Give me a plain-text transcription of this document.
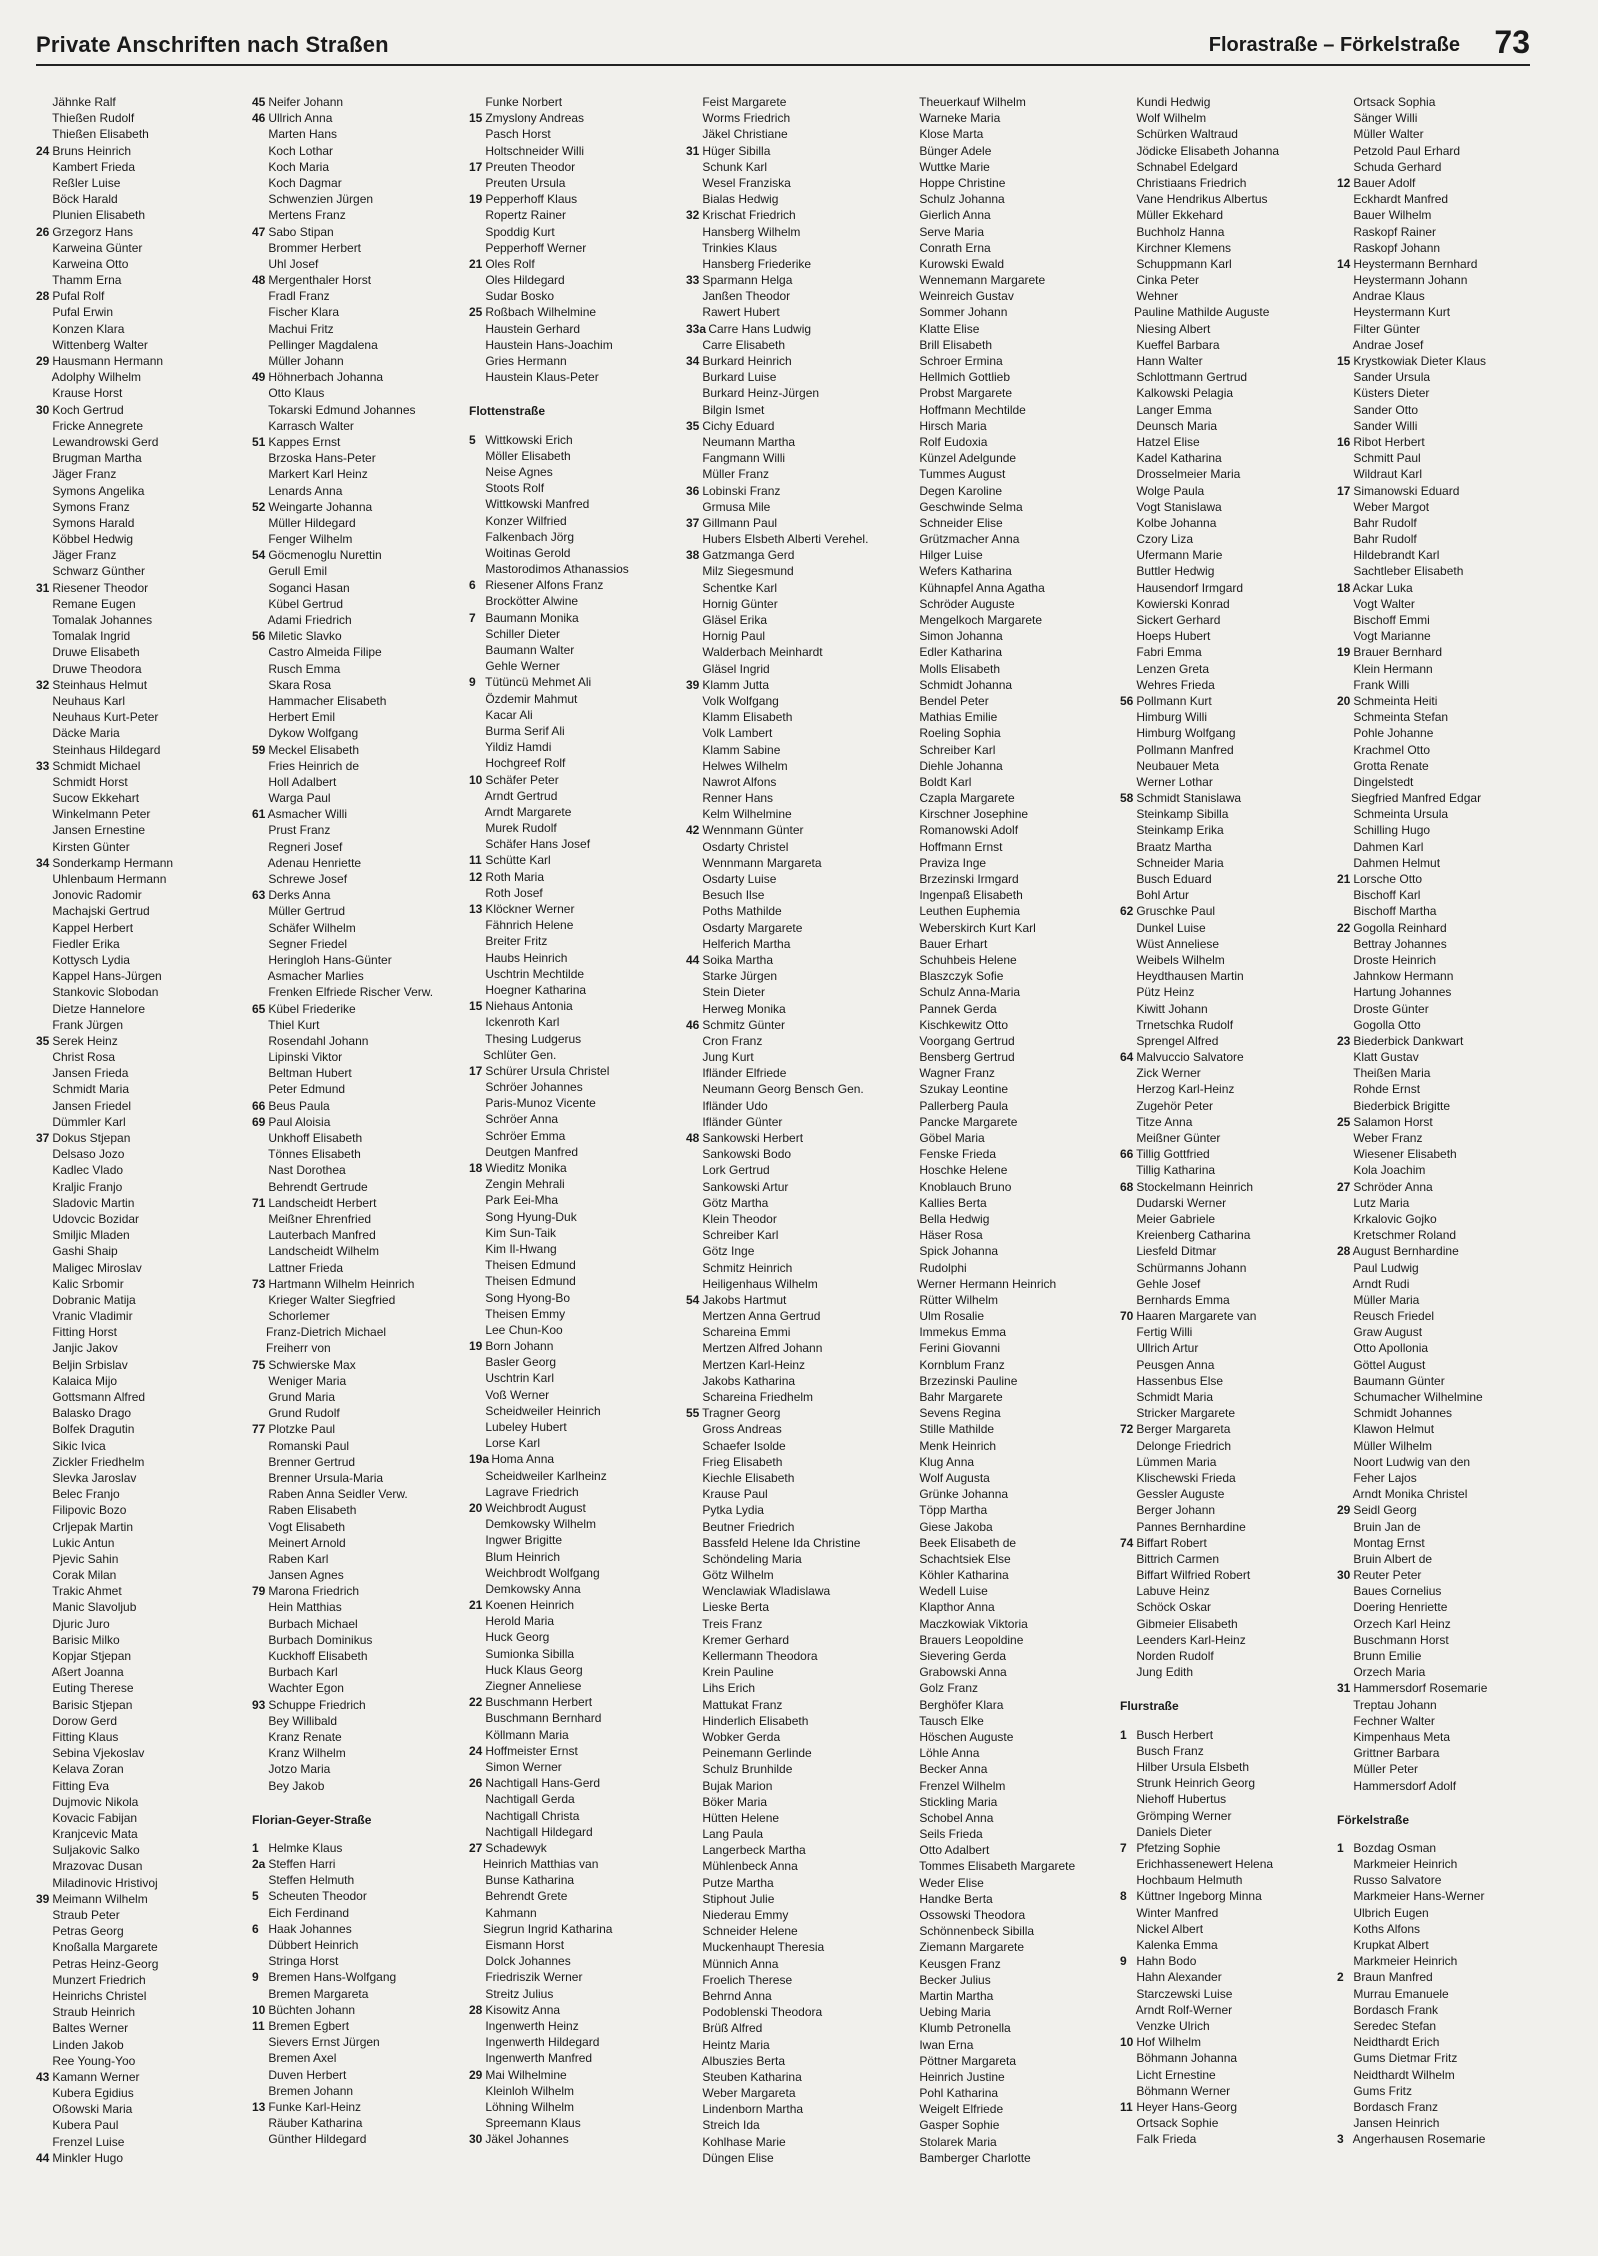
Private Anschriften nach Straßen	Florastraße – Förkelstraße 73
Jähnke Ralf
Thießen Rudolf
Thießen Elisabeth
24 Bruns Heinrich
Kambert Frieda
Reßler Luise
Böck Harald
Plunien Elisabeth
26 Grzegorz Hans
Karweina Günter
Karweina Otto
Thamm Erna
28 Pufal Rolf
Pufal Erwin
Konzen Klara
Wittenberg Walter
29 Hausmann Hermann
Adolphy Wilhelm
Krause Horst
30 Koch Gertrud
Fricke Annegrete
Lewandrowski Gerd
Brugman Martha
Jäger Franz
Symons Angelika
Symons Franz
Symons Harald
Köbbel Hedwig
Jäger Franz
Schwarz Günther
31 Riesener Theodor
Remane Eugen
Tomalak Johannes
Tomalak Ingrid
Druwe Elisabeth
Druwe Theodora
32 Steinhaus Helmut
Neuhaus Karl
Neuhaus Kurt-Peter
Däcke Maria
Steinhaus Hildegard
33 Schmidt Michael
Schmidt Horst
Sucow Ekkehart
Winkelmann Peter
Jansen Ernestine
Kirsten Günter
34 Sonderkamp Hermann
Uhlenbaum Hermann
Jonovic Radomir
Machajski Gertrud
Kappel Herbert
Fiedler Erika
Kottysch Lydia
Kappel Hans-Jürgen
Stankovic Slobodan
Dietze Hannelore
Frank Jürgen
35 Serek Heinz
Christ Rosa
Jansen Frieda
Schmidt Maria
Jansen Friedel
Dümmler Karl
37 Dokus Stjepan
Delsaso Jozo
Kadlec Vlado
Kraljic Franjo
Sladovic Martin
Udovcic Bozidar
Smiljic Mladen
Gashi Shaip
Maligec Miroslav
Kalic Srbomir
Dobranic Matija
Vranic Vladimir
Fitting Horst
Janjic Jakov
Beljin Srbislav
Kalaica Mijo
Gottsmann Alfred
Balasko Drago
Bolfek Dragutin
Sikic Ivica
Zickler Friedhelm
Slevka Jaroslav
Belec Franjo
Filipovic Bozo
Crljepak Martin
Lukic Antun
Pjevic Sahin
Corak Milan
Trakic Ahmet
Manic Slavoljub
Djuric Juro
Barisic Milko
Kopjar Stjepan
Aßert Joanna
Euting Therese
Barisic Stjepan
Dorow Gerd
Fitting Klaus
Sebina Vjekoslav
Kelava Zoran
Fitting Eva
Dujmovic Nikola
Kovacic Fabijan
Kranjcevic Mata
Suljakovic Salko
Mrazovac Dusan
Miladinovic Hristivoj
39 Meimann Wilhelm
Straub Peter
Petras Georg
Knoßalla Margarete
Petras Heinz-Georg
Munzert Friedrich
Heinrichs Christel
Straub Heinrich
Baltes Werner
Linden Jakob
Ree Young-Yoo
43 Kamann Werner
Kubera Egidius
Oßowski Maria
Kubera Paul
Frenzel Luise
44 Minkler Hugo
45 Neifer Johann
46 Ullrich Anna
Marten Hans
Koch Lothar
Koch Maria
Koch Dagmar
Schwenzien Jürgen
Mertens Franz
47 Sabo Stipan
Brommer Herbert
Uhl Josef
48 Mergenthaler Horst
Fradl Franz
Fischer Klara
Machui Fritz
Pellinger Magdalena
Müller Johann
49 Höhnerbach Johanna
Otto Klaus
Tokarski Edmund Johannes
Karrasch Walter
51 Kappes Ernst
Brzoska Hans-Peter
Markert Karl Heinz
Lenards Anna
52 Weingarte Johanna
Müller Hildegard
Fenger Wilhelm
54 Göcmenoglu Nurettin
Gerull Emil
Soganci Hasan
Kübel Gertrud
Adami Friedrich
56 Miletic Slavko
Castro Almeida Filipe
Rusch Emma
Skara Rosa
Hammacher Elisabeth
Herbert Emil
Dykow Wolfgang
59 Meckel Elisabeth
Fries Heinrich de
Holl Adalbert
Warga Paul
61 Asmacher Willi
Prust Franz
Regneri Josef
Adenau Henriette
Schrewe Josef
63 Derks Anna
Müller Gertrud
Schäfer Wilhelm
Segner Friedel
Heringloh Hans-Günter
Asmacher Marlies
Frenken Elfriede Rischer Verw.
65 Kübel Friederike
Thiel Kurt
Rosendahl Johann
Lipinski Viktor
Beltman Hubert
Peter Edmund
66 Beus Paula
69 Paul Aloisia
Unkhoff Elisabeth
Tönnes Elisabeth
Nast Dorothea
Behrendt Gertrude
71 Landscheidt Herbert
Meißner Ehrenfried
Lauterbach Manfred
Landscheidt Wilhelm
Lattner Frieda
73 Hartmann Wilhelm Heinrich
Krieger Walter Siegfried
Schorlemer
Franz-Dietrich Michael
Freiherr von
75 Schwierske Max
Weniger Maria
Grund Maria
Grund Rudolf
77 Plotzke Paul
Romanski Paul
Brenner Gertrud
Brenner Ursula-Maria
Raben Anna Seidler Verw.
Raben Elisabeth
Vogt Elisabeth
Meinert Arnold
Raben Karl
Jansen Agnes
79 Marona Friedrich
Hein Matthias
Burbach Michael
Burbach Dominikus
Kuckhoff Elisabeth
Burbach Karl
Wachter Egon
93 Schuppe Friedrich
Bey Willibald
Kranz Renate
Kranz Wilhelm
Jotzo Maria
Bey Jakob
Florian-Geyer-Straße
1 Helmke Klaus
2a Steffen Harri
Steffen Helmuth
5 Scheuten Theodor
Eich Ferdinand
6 Haak Johannes
Dübbert Heinrich
Stringa Horst
9 Bremen Hans-Wolfgang
Bremen Margareta
10 Büchten Johann
11 Bremen Egbert
Sievers Ernst Jürgen
Bremen Axel
Duven Herbert
Bremen Johann
13 Funke Karl-Heinz
Räuber Katharina
Günther Hildegard
Funke Norbert
15 Zmyslony Andreas
Pasch Horst
Holtschneider Willi
17 Preuten Theodor
Preuten Ursula
19 Pepperhoff Klaus
Ropertz Rainer
Spoddig Kurt
Pepperhoff Werner
21 Oles Rolf
Oles Hildegard
Sudar Bosko
25 Roßbach Wilhelmine
Haustein Gerhard
Haustein Hans-Joachim
Gries Hermann
Haustein Klaus-Peter
Flottenstraße
5 Wittkowski Erich
Möller Elisabeth
Neise Agnes
Stoots Rolf
Wittkowski Manfred
Konzer Wilfried
Falkenbach Jörg
Woitinas Gerold
Mastorodimos Athanassios
6 Riesener Alfons Franz
Brockötter Alwine
7 Baumann Monika
Schiller Dieter
Baumann Walter
Gehle Werner
9 Tütüncü Mehmet Ali
Özdemir Mahmut
Kacar Ali
Burma Serif Ali
Yildiz Hamdi
Hochgreef Rolf
10 Schäfer Peter
Arndt Gertrud
Arndt Margarete
Murek Rudolf
Schäfer Hans Josef
11 Schütte Karl
12 Roth Maria
Roth Josef
13 Klöckner Werner
Fähnrich Helene
Breiter Fritz
Haubs Heinrich
Uschtrin Mechtilde
Hoegner Katharina
15 Niehaus Antonia
Ickenroth Karl
Thesing Ludgerus
Schlüter Gen.
17 Schürer Ursula Christel
Schröer Johannes
Paris-Munoz Vicente
Schröer Anna
Schröer Emma
Deutgen Manfred
18 Wieditz Monika
Zengin Mehrali
Park Eei-Mha
Song Hyung-Duk
Kim Sun-Taik
Kim Il-Hwang
Theisen Edmund
Theisen Edmund
Song Hyong-Bo
Theisen Emmy
Lee Chun-Koo
19 Born Johann
Basler Georg
Uschtrin Karl
Voß Werner
Scheidweiler Heinrich
Lubeley Hubert
Lorse Karl
19a Homa Anna
Scheidweiler Karlheinz
Lagrave Friedrich
20 Weichbrodt August
Demkowsky Wilhelm
Ingwer Brigitte
Blum Heinrich
Weichbrodt Wolfgang
Demkowsky Anna
21 Koenen Heinrich
Herold Maria
Huck Georg
Sumionka Sibilla
Huck Klaus Georg
Ziegner Anneliese
22 Buschmann Herbert
Buschmann Bernhard
Köllmann Maria
24 Hoffmeister Ernst
Simon Werner
26 Nachtigall Hans-Gerd
Nachtigall Gerda
Nachtigall Christa
Nachtigall Hildegard
27 Schadewyk
Heinrich Matthias van
Bunse Katharina
Behrendt Grete
Kahmann
Siegrun Ingrid Katharina
Eismann Horst
Dolck Johannes
Friedriszik Werner
Streitz Julius
28 Kisowitz Anna
Ingenwerth Heinz
Ingenwerth Hildegard
Ingenwerth Manfred
29 Mai Wilhelmine
Kleinloh Wilhelm
Löhning Wilhelm
Spreemann Klaus
30 Jäkel Johannes
Feist Margarete
Worms Friedrich
Jäkel Christiane
31 Hüger Sibilla
Schunk Karl
Wesel Franziska
Bialas Hedwig
32 Krischat Friedrich
Hansberg Wilhelm
Trinkies Klaus
Hansberg Friederike
33 Sparmann Helga
Janßen Theodor
Rawert Hubert
33a Carre Hans Ludwig
Carre Elisabeth
34 Burkard Heinrich
Burkard Luise
Burkard Heinz-Jürgen
Bilgin Ismet
35 Cichy Eduard
Neumann Martha
Fangmann Willi
Müller Franz
36 Lobinski Franz
Grmusa Mile
37 Gillmann Paul
Hubers Elsbeth Alberti Verehel.
38 Gatzmanga Gerd
Milz Siegesmund
Schentke Karl
Hornig Günter
Gläsel Erika
Hornig Paul
Walderbach Meinhardt
Gläsel Ingrid
39 Klamm Jutta
Volk Wolfgang
Klamm Elisabeth
Volk Lambert
Klamm Sabine
Helwes Wilhelm
Nawrot Alfons
Renner Hans
Kelm Wilhelmine
42 Wennmann Günter
Osdarty Christel
Wennmann Margareta
Osdarty Luise
Besuch Ilse
Poths Mathilde
Osdarty Margarete
Helferich Martha
44 Soika Martha
Starke Jürgen
Stein Dieter
Herweg Monika
46 Schmitz Günter
Cron Franz
Jung Kurt
Ifländer Elfriede
Neumann Georg Bensch Gen.
Ifländer Udo
Ifländer Günter
48 Sankowski Herbert
Sankowski Bodo
Lork Gertrud
Sankowski Artur
Götz Martha
Klein Theodor
Schreiber Karl
Götz Inge
Schmitz Heinrich
Heiligenhaus Wilhelm
54 Jakobs Hartmut
Mertzen Anna Gertrud
Schareina Emmi
Mertzen Alfred Johann
Mertzen Karl-Heinz
Jakobs Katharina
Schareina Friedhelm
55 Tragner Georg
Gross Andreas
Schaefer Isolde
Frieg Elisabeth
Kiechle Elisabeth
Krause Paul
Pytka Lydia
Beutner Friedrich
Bassfeld Helene Ida Christine
Schöndeling Maria
Götz Wilhelm
Wenclawiak Wladislawa
Lieske Berta
Treis Franz
Kremer Gerhard
Kellermann Theodora
Krein Pauline
Lihs Erich
Mattukat Franz
Hinderlich Elisabeth
Wobker Gerda
Peinemann Gerlinde
Schulz Brunhilde
Bujak Marion
Böker Maria
Hütten Helene
Lang Paula
Langerbeck Martha
Mühlenbeck Anna
Putze Martha
Stiphout Julie
Niederau Emmy
Schneider Helene
Muckenhaupt Theresia
Münnich Anna
Froelich Therese
Behrnd Anna
Podoblenski Theodora
Brüß Alfred
Heintz Maria
Albuszies Berta
Steuben Katharina
Weber Margareta
Lindenborn Martha
Streich Ida
Kohlhase Marie
Düngen Elise
Theuerkauf Wilhelm
Warneke Maria
Klose Marta
Bünger Adele
Wuttke Marie
Hoppe Christine
Schulz Johanna
Gierlich Anna
Serve Maria
Conrath Erna
Kurowski Ewald
Wennemann Margarete
Weinreich Gustav
Sommer Johann
Klatte Elise
Brill Elisabeth
Schroer Ermina
Hellmich Gottlieb
Probst Margarete
Hoffmann Mechtilde
Hirsch Maria
Rolf Eudoxia
Künzel Adelgunde
Tummes August
Degen Karoline
Geschwinde Selma
Schneider Elise
Grützmacher Anna
Hilger Luise
Wefers Katharina
Kühnapfel Anna Agatha
Schröder Auguste
Mengelkoch Margarete
Simon Johanna
Edler Katharina
Molls Elisabeth
Schmidt Johanna
Bendel Peter
Mathias Emilie
Roeling Sophia
Schreiber Karl
Diehle Johanna
Boldt Karl
Czapla Margarete
Kirschner Josephine
Romanowski Adolf
Hoffmann Ernst
Praviza Inge
Brzezinski Irmgard
Ingenpaß Elisabeth
Leuthen Euphemia
Weberskirch Kurt Karl
Bauer Erhart
Schuhbeis Helene
Blaszczyk Sofie
Schulz Anna-Maria
Pannek Gerda
Kischkewitz Otto
Voorgang Gertrud
Bensberg Gertrud
Wagner Franz
Szukay Leontine
Pallerberg Paula
Pancke Margarete
Göbel Maria
Fenske Frieda
Hoschke Helene
Knoblauch Bruno
Kallies Berta
Bella Hedwig
Häser Rosa
Spick Johanna
Rudolphi
Werner Hermann Heinrich
Rütter Wilhelm
Ulm Rosalie
Immekus Emma
Ferini Giovanni
Kornblum Franz
Brzezinski Pauline
Bahr Margarete
Sevens Regina
Stille Mathilde
Menk Heinrich
Klug Anna
Wolf Augusta
Grünke Johanna
Töpp Martha
Giese Jakoba
Beek Elisabeth de
Schachtsiek Else
Köhler Katharina
Wedell Luise
Klapthor Anna
Maczkowiak Viktoria
Brauers Leopoldine
Sievering Gerda
Grabowski Anna
Golz Franz
Berghöfer Klara
Tausch Elke
Höschen Auguste
Löhle Anna
Becker Anna
Frenzel Wilhelm
Stickling Maria
Schobel Anna
Seils Frieda
Otto Adalbert
Tommes Elisabeth Margarete
Weder Elise
Handke Berta
Ossowski Theodora
Schönnenbeck Sibilla
Ziemann Margarete
Keusgen Franz
Becker Julius
Martin Martha
Uebing Maria
Klumb Petronella
Iwan Erna
Pöttner Margareta
Heinrich Justine
Pohl Katharina
Weigelt Elfriede
Gasper Sophie
Stolarek Maria
Bamberger Charlotte
Kundi Hedwig
Wolf Wilhelm
Schürken Waltraud
Jödicke Elisabeth Johanna
Schnabel Edelgard
Christiaans Friedrich
Vane Hendrikus Albertus
Müller Ekkehard
Buchholz Hanna
Kirchner Klemens
Schuppmann Karl
Cinka Peter
Wehner
Pauline Mathilde Auguste
Niesing Albert
Kueffel Barbara
Hann Walter
Schlottmann Gertrud
Kalkowski Pelagia
Langer Emma
Deunsch Maria
Hatzel Elise
Kadel Katharina
Drosselmeier Maria
Wolge Paula
Vogt Stanislawa
Kolbe Johanna
Czory Liza
Ufermann Marie
Buttler Hedwig
Hausendorf Irmgard
Kowierski Konrad
Sickert Gerhard
Hoeps Hubert
Fabri Emma
Lenzen Greta
Wehres Frieda
56 Pollmann Kurt
Himburg Willi
Himburg Wolfgang
Pollmann Manfred
Neubauer Meta
Werner Lothar
58 Schmidt Stanislawa
Steinkamp Sibilla
Steinkamp Erika
Braatz Martha
Schneider Maria
Busch Eduard
Bohl Artur
62 Gruschke Paul
Dunkel Luise
Wüst Anneliese
Weibels Wilhelm
Heydthausen Martin
Pütz Heinz
Kiwitt Johann
Trnetschka Rudolf
Sprengel Alfred
64 Malvuccio Salvatore
Zick Werner
Herzog Karl-Heinz
Zugehör Peter
Titze Anna
Meißner Günter
66 Tillig Gottfried
Tillig Katharina
68 Stockelmann Heinrich
Dudarski Werner
Meier Gabriele
Kreienberg Catharina
Liesfeld Ditmar
Schürmanns Johann
Gehle Josef
Bernhards Emma
70 Haaren Margarete van
Fertig Willi
Ullrich Artur
Peusgen Anna
Hassenbus Else
Schmidt Maria
Stricker Margarete
72 Berger Margareta
Delonge Friedrich
Lümmen Maria
Klischewski Frieda
Gessler Auguste
Berger Johann
Pannes Bernhardine
74 Biffart Robert
Bittrich Carmen
Biffart Wilfried Robert
Labuve Heinz
Schöck Oskar
Gibmeier Elisabeth
Leenders Karl-Heinz
Norden Rudolf
Jung Edith
Flurstraße
1 Busch Herbert
Busch Franz
Hilber Ursula Elsbeth
Strunk Heinrich Georg
Niehoff Hubertus
Grömping Werner
Daniels Dieter
7 Pfetzing Sophie
Erichhassenewert Helena
Hochbaum Helmuth
8 Küttner Ingeborg Minna
Winter Manfred
Nickel Albert
Kalenka Emma
9 Hahn Bodo
Hahn Alexander
Starczewski Luise
Arndt Rolf-Werner
Venzke Ulrich
10 Hof Wilhelm
Böhmann Johanna
Licht Ernestine
Böhmann Werner
11 Heyer Hans-Georg
Ortsack Sophie
Falk Frieda
Ortsack Sophia
Sänger Willi
Müller Walter
Petzold Paul Erhard
Schuda Gerhard
12 Bauer Adolf
Eckhardt Manfred
Bauer Wilhelm
Raskopf Rainer
Raskopf Johann
14 Heystermann Bernhard
Heystermann Johann
Andrae Klaus
Heystermann Kurt
Filter Günter
Andrae Josef
15 Krystkowiak Dieter Klaus
Sander Ursula
Küsters Dieter
Sander Otto
Sander Willi
16 Ribot Herbert
Schmitt Paul
Wildraut Karl
17 Simanowski Eduard
Weber Margot
Bahr Rudolf
Bahr Rudolf
Hildebrandt Karl
Sachtleber Elisabeth
18 Ackar Luka
Vogt Walter
Bischoff Emmi
Vogt Marianne
19 Brauer Bernhard
Klein Hermann
Frank Willi
20 Schmeinta Heiti
Schmeinta Stefan
Pohle Johanne
Krachmel Otto
Grotta Renate
Dingelstedt
Siegfried Manfred Edgar
Schmeinta Ursula
Schilling Hugo
Dahmen Karl
Dahmen Helmut
21 Lorsche Otto
Bischoff Karl
Bischoff Martha
22 Gogolla Reinhard
Bettray Johannes
Droste Heinrich
Jahnkow Hermann
Hartung Johannes
Droste Günter
Gogolla Otto
23 Biederbick Dankwart
Klatt Gustav
Theißen Maria
Rohde Ernst
Biederbick Brigitte
25 Salamon Horst
Weber Franz
Wiesener Elisabeth
Kola Joachim
27 Schröder Anna
Lutz Maria
Krkalovic Gojko
Kretschmer Roland
28 August Bernhardine
Paul Ludwig
Arndt Rudi
Müller Maria
Reusch Friedel
Graw August
Otto Apollonia
Göttel August
Baumann Günter
Schumacher Wilhelmine
Schmidt Johannes
Klawon Helmut
Müller Wilhelm
Noort Ludwig van den
Feher Lajos
Arndt Monika Christel
29 Seidl Georg
Bruin Jan de
Montag Ernst
Bruin Albert de
30 Reuter Peter
Baues Cornelius
Doering Henriette
Orzech Karl Heinz
Buschmann Horst
Brunn Emilie
Orzech Maria
31 Hammersdorf Rosemarie
Treptau Johann
Fechner Walter
Kimpenhaus Meta
Grittner Barbara
Müller Peter
Hammersdorf Adolf
Förkelstraße
1 Bozdag Osman
Markmeier Heinrich
Russo Salvatore
Markmeier Hans-Werner
Ulbrich Eugen
Koths Alfons
Krupkat Albert
Markmeier Heinrich
2 Braun Manfred
Murrau Emanuele
Bordasch Frank
Seredec Stefan
Neidthardt Erich
Gums Dietmar Fritz
Neidthardt Wilhelm
Gums Fritz
Bordasch Franz
Jansen Heinrich
3 Angerhausen Rosemarie
